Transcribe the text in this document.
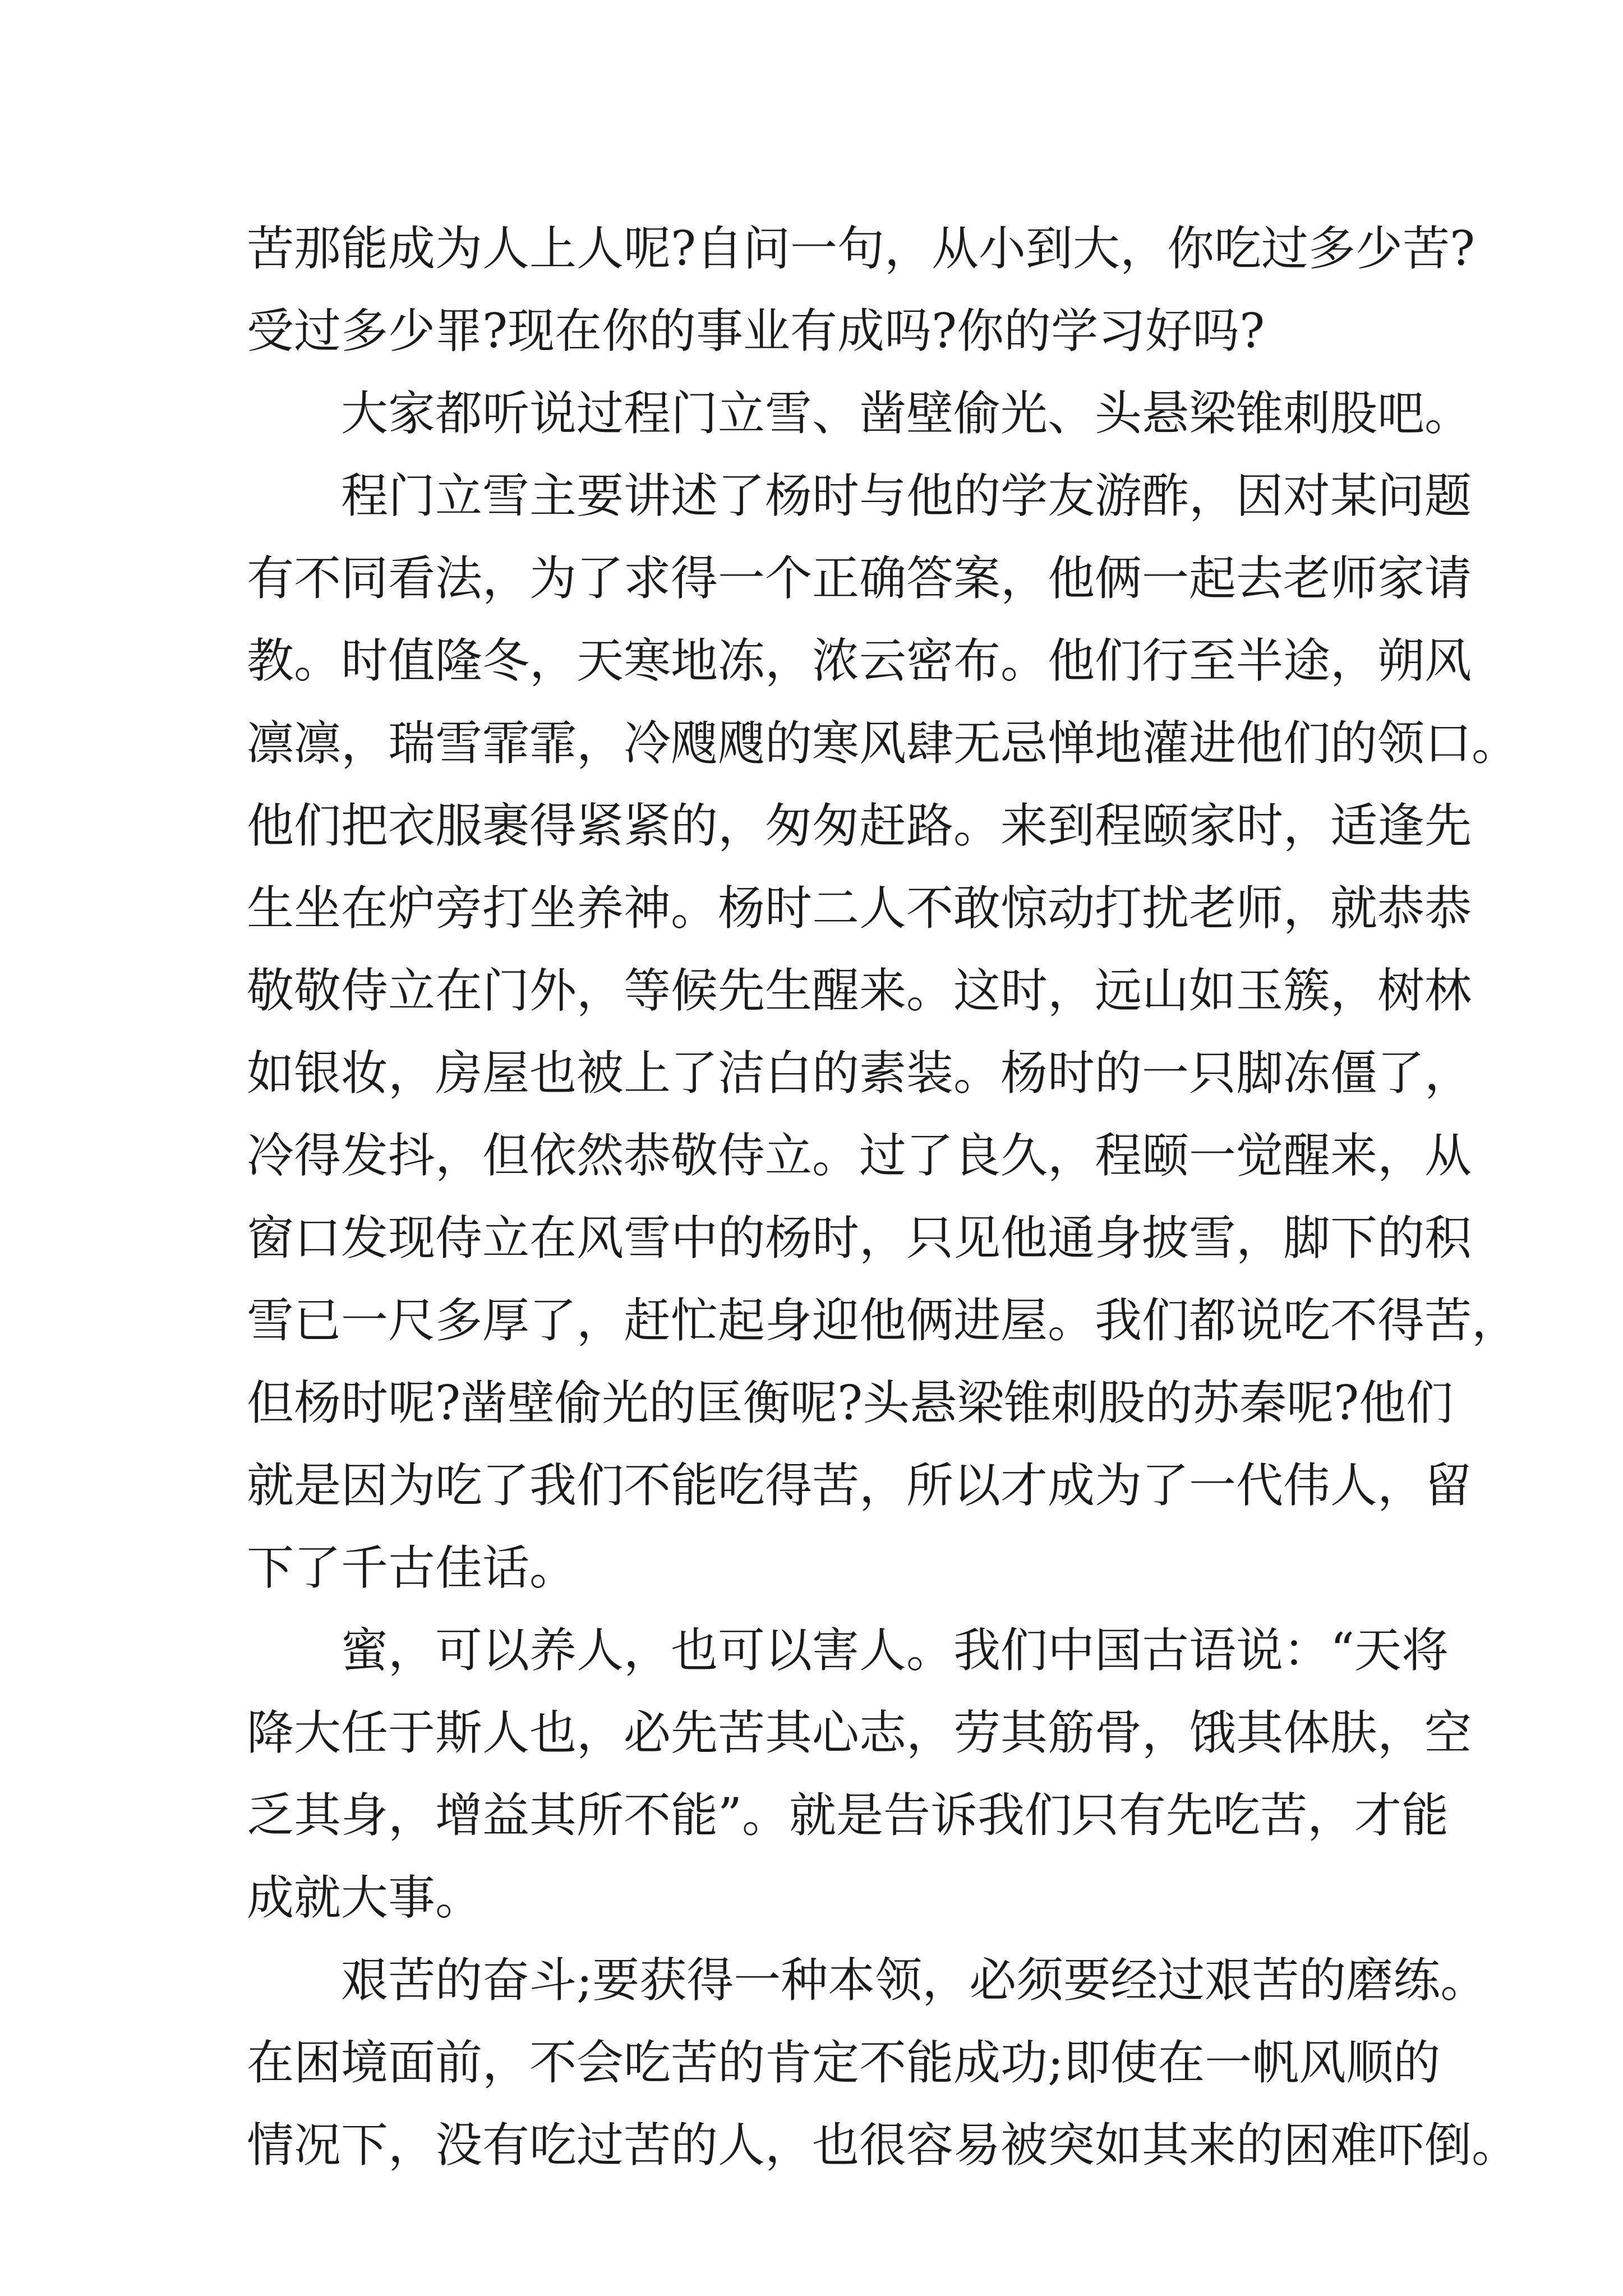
苦那能成为人上人呢?自问一句，从小到大，你吃过多少苦?
受过多少罪?现在你的事业有成吗?你的学习好吗?
　　大家都听说过程门立雪、凿壁偷光、头悬梁锥刺股吧。
　　程门立雪主要讲述了杨时与他的学友游酢，因对某问题
有不同看法，为了求得一个正确答案，他俩一起去老师家请
教。时值隆冬，天寒地冻，浓云密布。他们行至半途，朔风
凛凛，瑞雪霏霏，冷飕飕的寒风肆无忌惮地灌进他们的领口。
他们把衣服裹得紧紧的，匆匆赶路。来到程颐家时，适逢先
生坐在炉旁打坐养神。杨时二人不敢惊动打扰老师，就恭恭
敬敬侍立在门外，等候先生醒来。这时，远山如玉簇，树林
如银妆，房屋也被上了洁白的素装。杨时的一只脚冻僵了，
冷得发抖，但依然恭敬侍立。过了良久，程颐一觉醒来，从
窗口发现侍立在风雪中的杨时，只见他通身披雪，脚下的积
雪已一尺多厚了，赶忙起身迎他俩进屋。我们都说吃不得苦，
但杨时呢?凿壁偷光的匡衡呢?头悬梁锥刺股的苏秦呢?他们
就是因为吃了我们不能吃得苦，所以才成为了一代伟人，留
下了千古佳话。
　　蜜，可以养人，也可以害人。我们中国古语说：“天将
降大任于斯人也，必先苦其心志，劳其筋骨，饿其体肤，空
乏其身，增益其所不能”。就是告诉我们只有先吃苦，才能
成就大事。
　　艰苦的奋斗;要获得一种本领，必须要经过艰苦的磨练。
在困境面前，不会吃苦的肯定不能成功;即使在一帆风顺的
情况下，没有吃过苦的人，也很容易被突如其来的困难吓倒。
